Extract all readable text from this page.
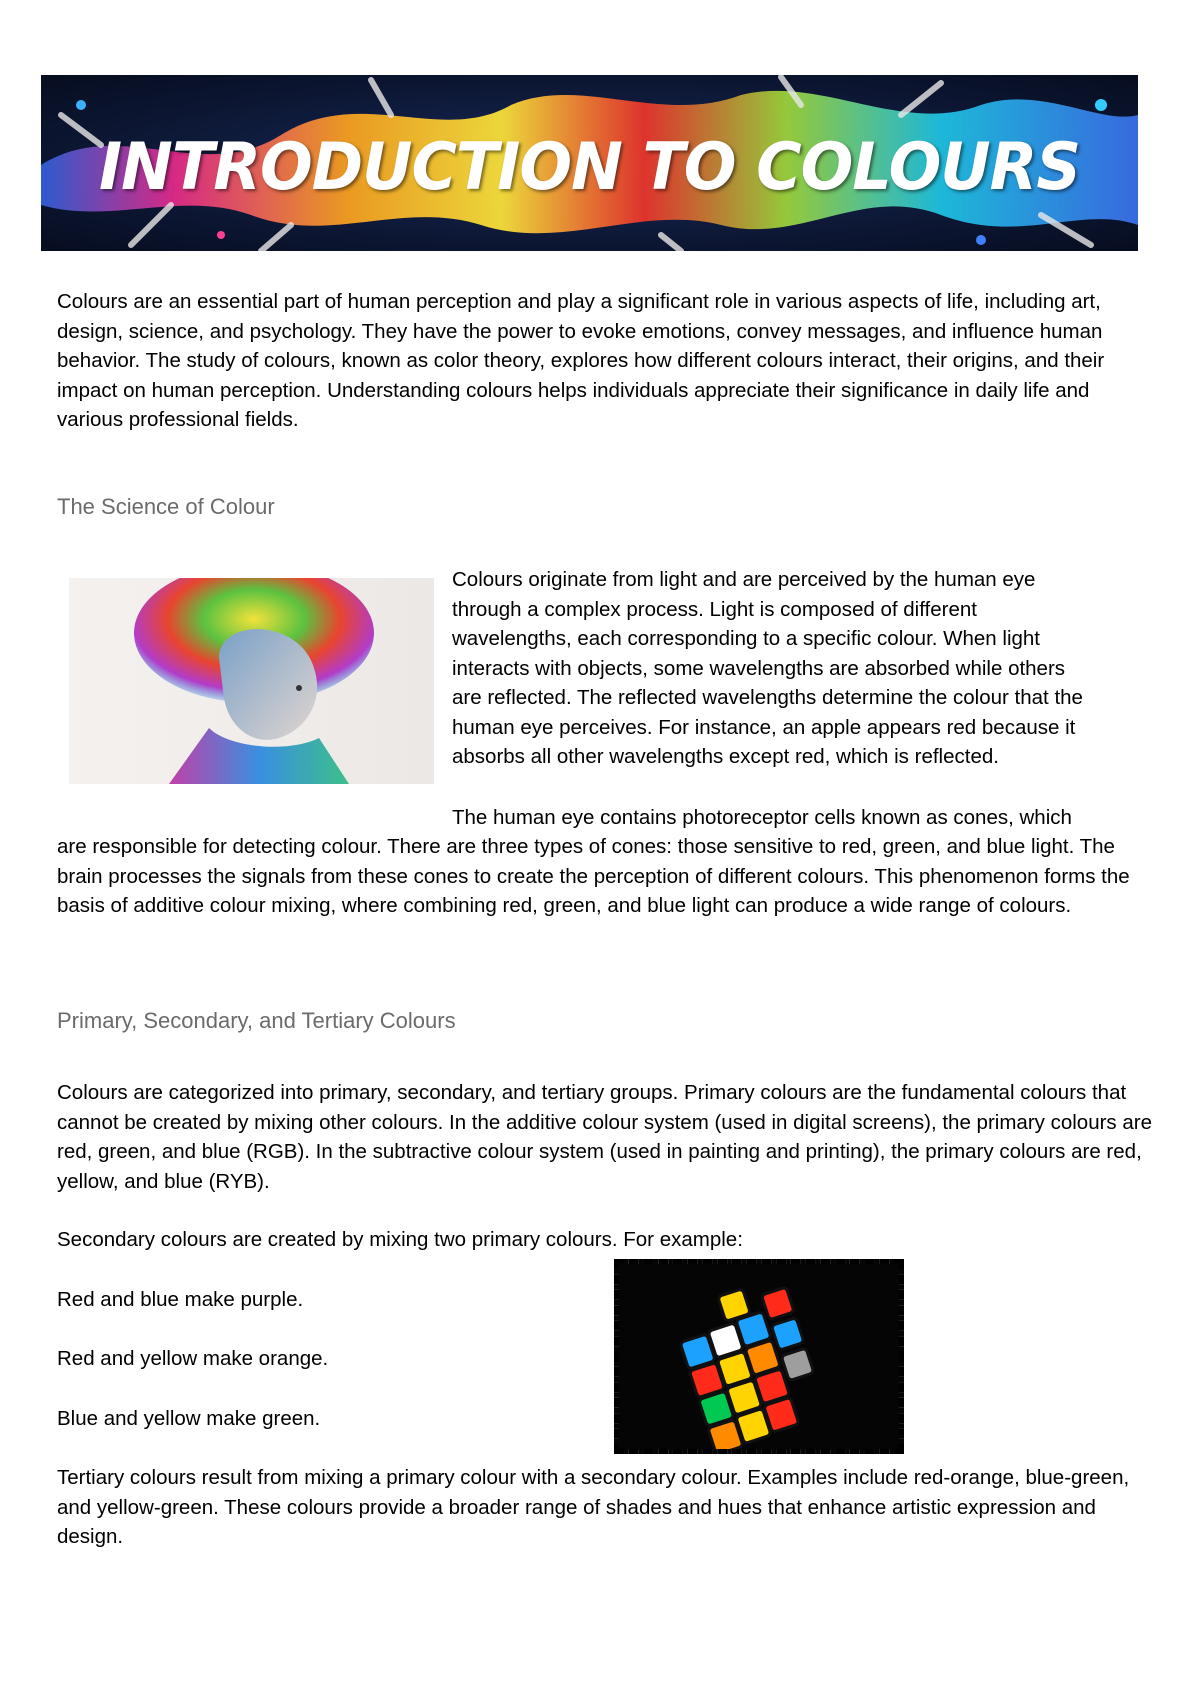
INTRODUCTION TO COLOURS

Colours are an essential part of human perception and play a significant role in various aspects of life, including art, design, science, and psychology. They have the power to evoke emotions, convey messages, and influence human behavior. The study of colours, known as color theory, explores how different colours interact, their origins, and their impact on human perception. Understanding colours helps individuals appreciate their significance in daily life and various professional fields.

The Science of Colour
Colours originate from light and are perceived by the human eye
through a complex process. Light is composed of different
wavelengths, each corresponding to a specific colour. When light
interacts with objects, some wavelengths are absorbed while others
are reflected. The reflected wavelengths determine the colour that the
human eye perceives. For instance, an apple appears red because it
absorbs all other wavelengths except red, which is reflected.
The human eye contains photoreceptor cells known as cones, which

are responsible for detecting colour. There are three types of cones: those sensitive to red, green, and blue light. The brain processes the signals from these cones to create the perception of different colours. This phenomenon forms the basis of additive colour mixing, where combining red, green, and blue light can produce a wide range of colours.

Primary, Secondary, and Tertiary Colours

Colours are categorized into primary, secondary, and tertiary groups. Primary colours are the fundamental colours that cannot be created by mixing other colours. In the additive colour system (used in digital screens), the primary colours are red, green, and blue (RGB). In the subtractive colour system (used in painting and printing), the primary colours are red, yellow, and blue (RYB).

Secondary colours are created by mixing two primary colours. For example:

Red and blue make purple.

Red and yellow make orange.

Blue and yellow make green.

Tertiary colours result from mixing a primary colour with a secondary colour. Examples include red-orange, blue-green, and yellow-green. These colours provide a broader range of shades and hues that enhance artistic expression and design.
